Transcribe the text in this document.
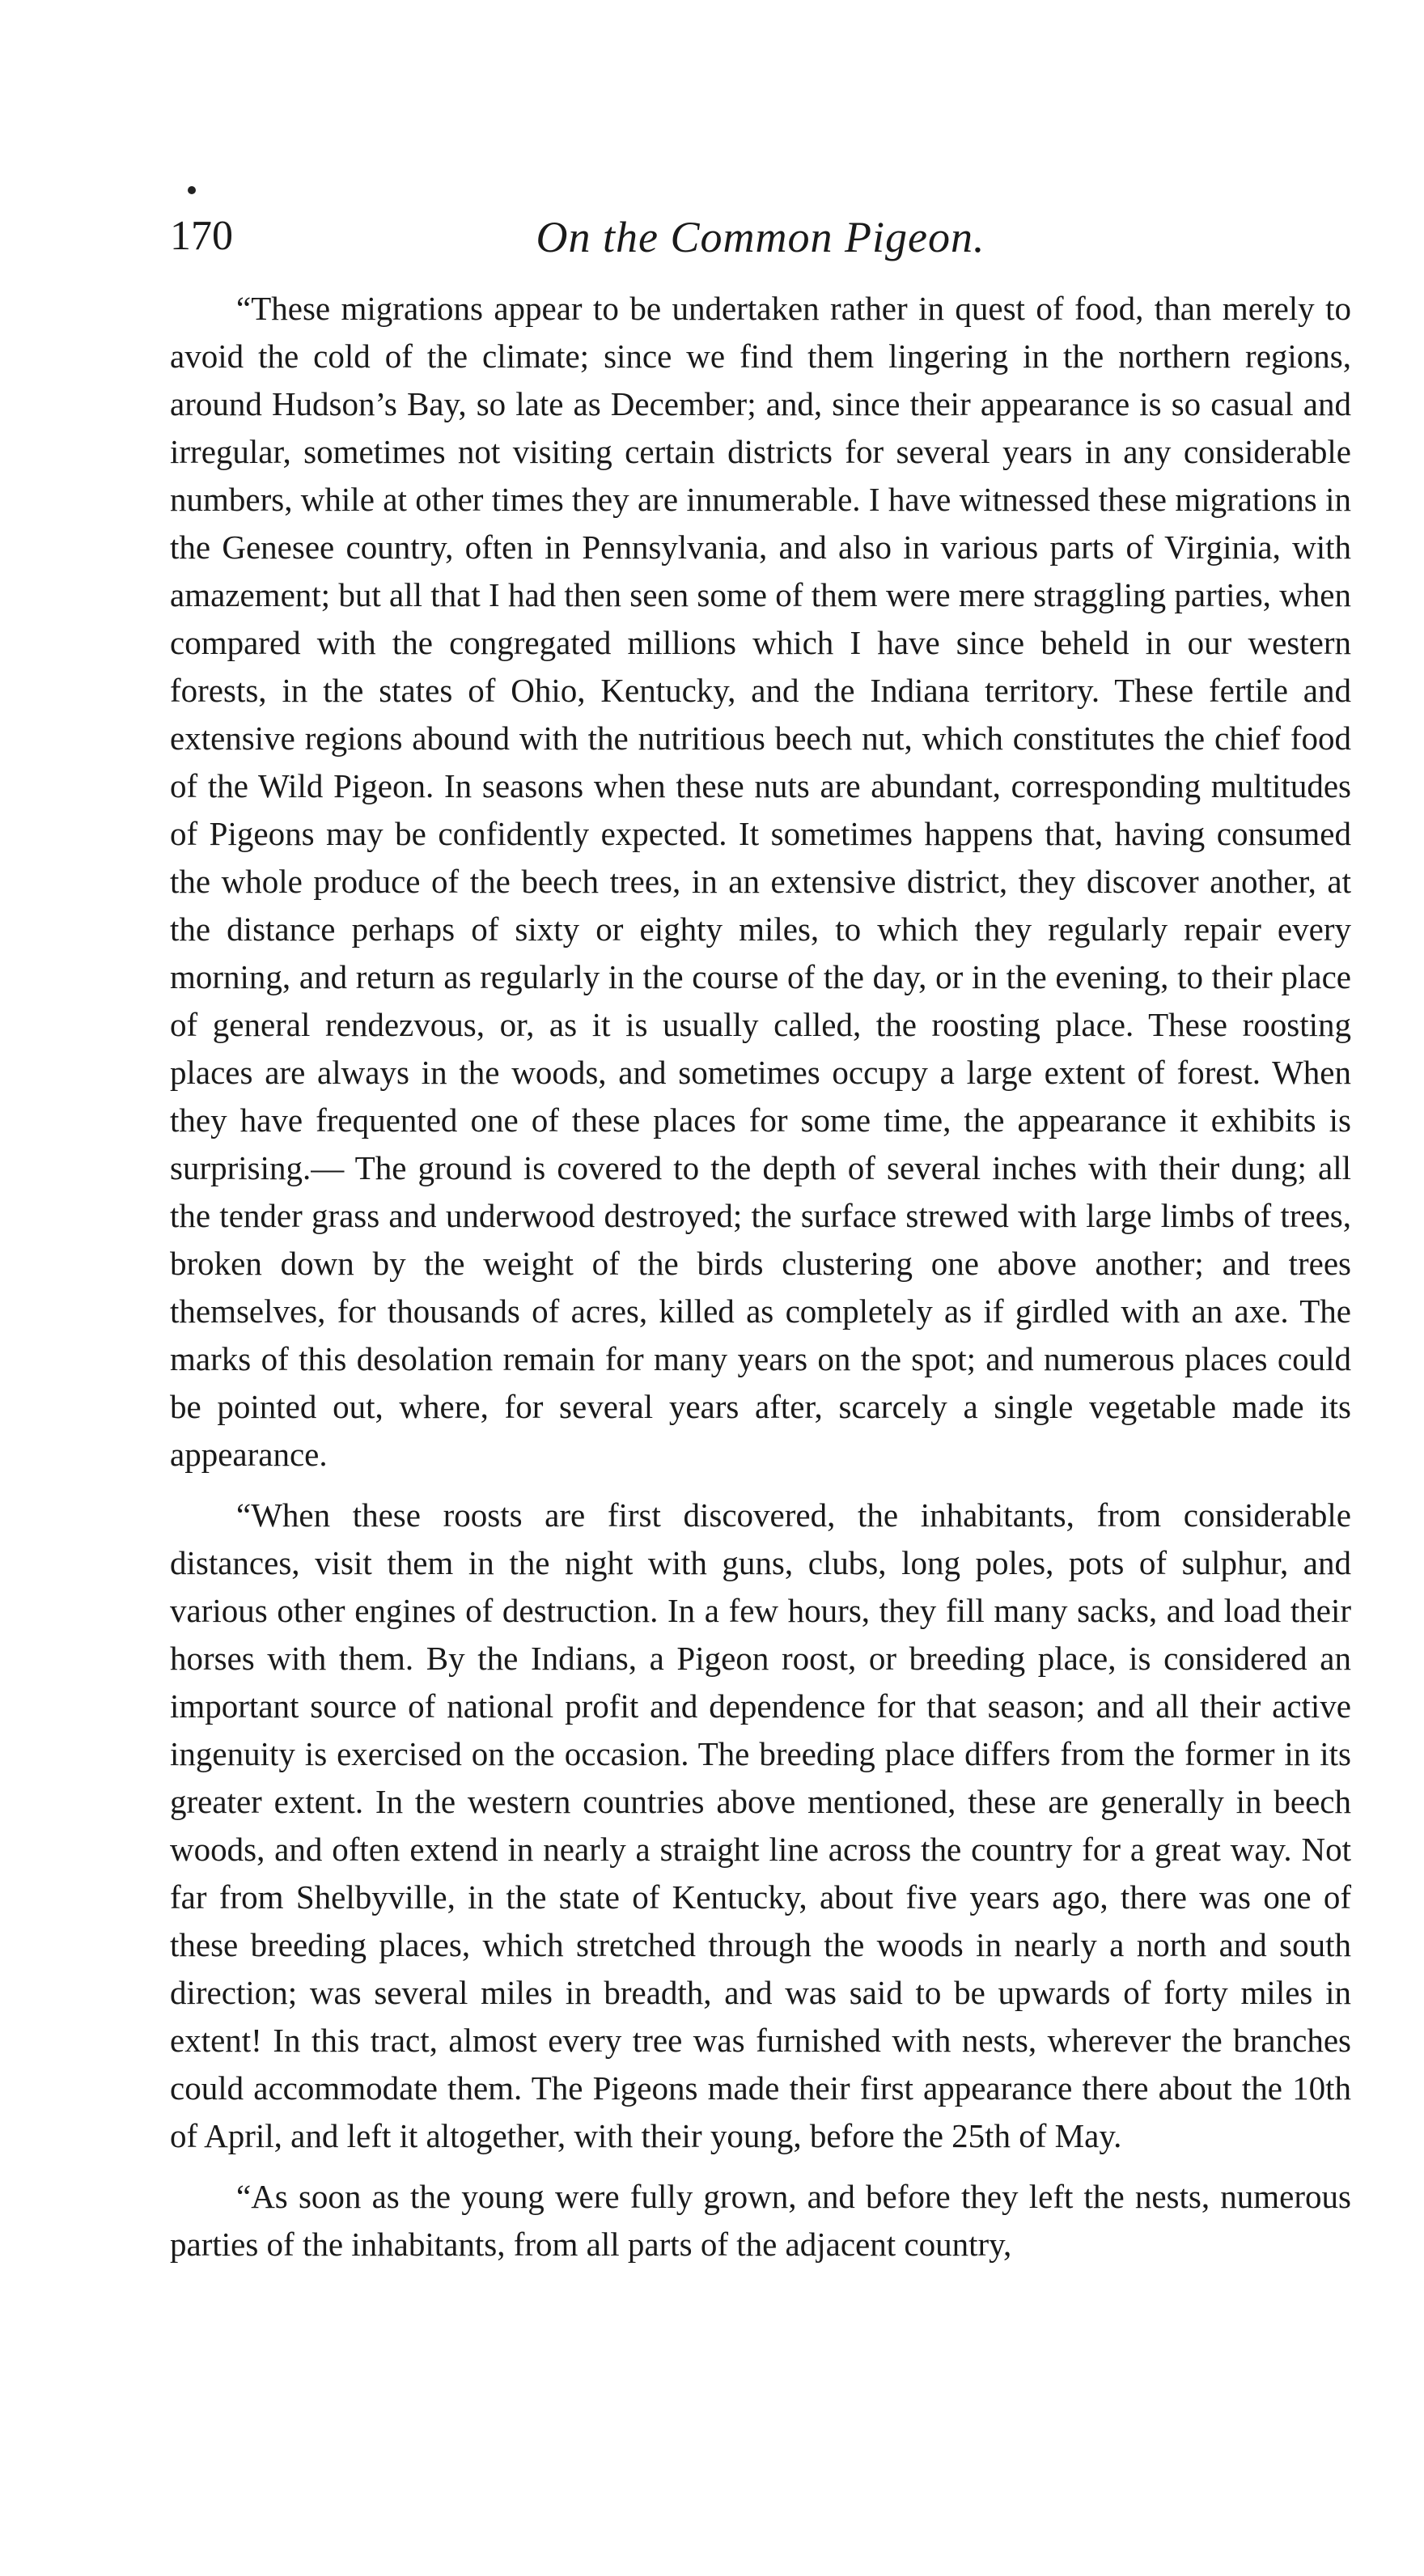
170	On the Common Pigeon.

“These migrations appear to be undertaken rather in quest of food, than merely to avoid the cold of the climate; since we find them lingering in the northern regions, around Hudson’s Bay, so late as December; and, since their appearance is so casual and irregular, sometimes not visiting certain districts for several years in any considerable numbers, while at other times they are innumerable. I have witnessed these migrations in the Genesee country, often in Pennsylvania, and also in various parts of Virginia, with amazement; but all that I had then seen some of them were mere straggling parties, when compared with the congregated millions which I have since beheld in our western forests, in the states of Ohio, Kentucky, and the Indiana territory. These fertile and extensive regions abound with the nutritious beech nut, which constitutes the chief food of the Wild Pigeon. In seasons when these nuts are abundant, corresponding multitudes of Pigeons may be confidently expected. It sometimes happens that, having consumed the whole produce of the beech trees, in an extensive district, they discover another, at the distance perhaps of sixty or eighty miles, to which they regularly repair every morning, and return as regularly in the course of the day, or in the evening, to their place of general rendezvous, or, as it is usually called, the roosting place. These roosting places are always in the woods, and sometimes occupy a large extent of forest. When they have frequented one of these places for some time, the appearance it exhibits is surprising.— The ground is covered to the depth of several inches with their dung; all the tender grass and underwood destroyed; the surface strewed with large limbs of trees, broken down by the weight of the birds clustering one above another; and trees themselves, for thousands of acres, killed as completely as if girdled with an axe. The marks of this desolation remain for many years on the spot; and numerous places could be pointed out, where, for several years after, scarcely a single vegetable made its appearance.

“When these roosts are first discovered, the inhabitants, from considerable distances, visit them in the night with guns, clubs, long poles, pots of sulphur, and various other engines of destruction. In a few hours, they fill many sacks, and load their horses with them. By the Indians, a Pigeon roost, or breeding place, is considered an important source of national profit and dependence for that season; and all their active ingenuity is exercised on the occasion. The breeding place differs from the former in its greater extent. In the western countries above mentioned, these are generally in beech woods, and often extend in nearly a straight line across the country for a great way. Not far from Shelbyville, in the state of Kentucky, about five years ago, there was one of these breeding places, which stretched through the woods in nearly a north and south direction; was several miles in breadth, and was said to be upwards of forty miles in extent! In this tract, almost every tree was furnished with nests, wherever the branches could accommodate them. The Pigeons made their first appearance there about the 10th of April, and left it altogether, with their young, before the 25th of May.

“As soon as the young were fully grown, and before they left the nests, numerous parties of the inhabitants, from all parts of the adjacent country,
